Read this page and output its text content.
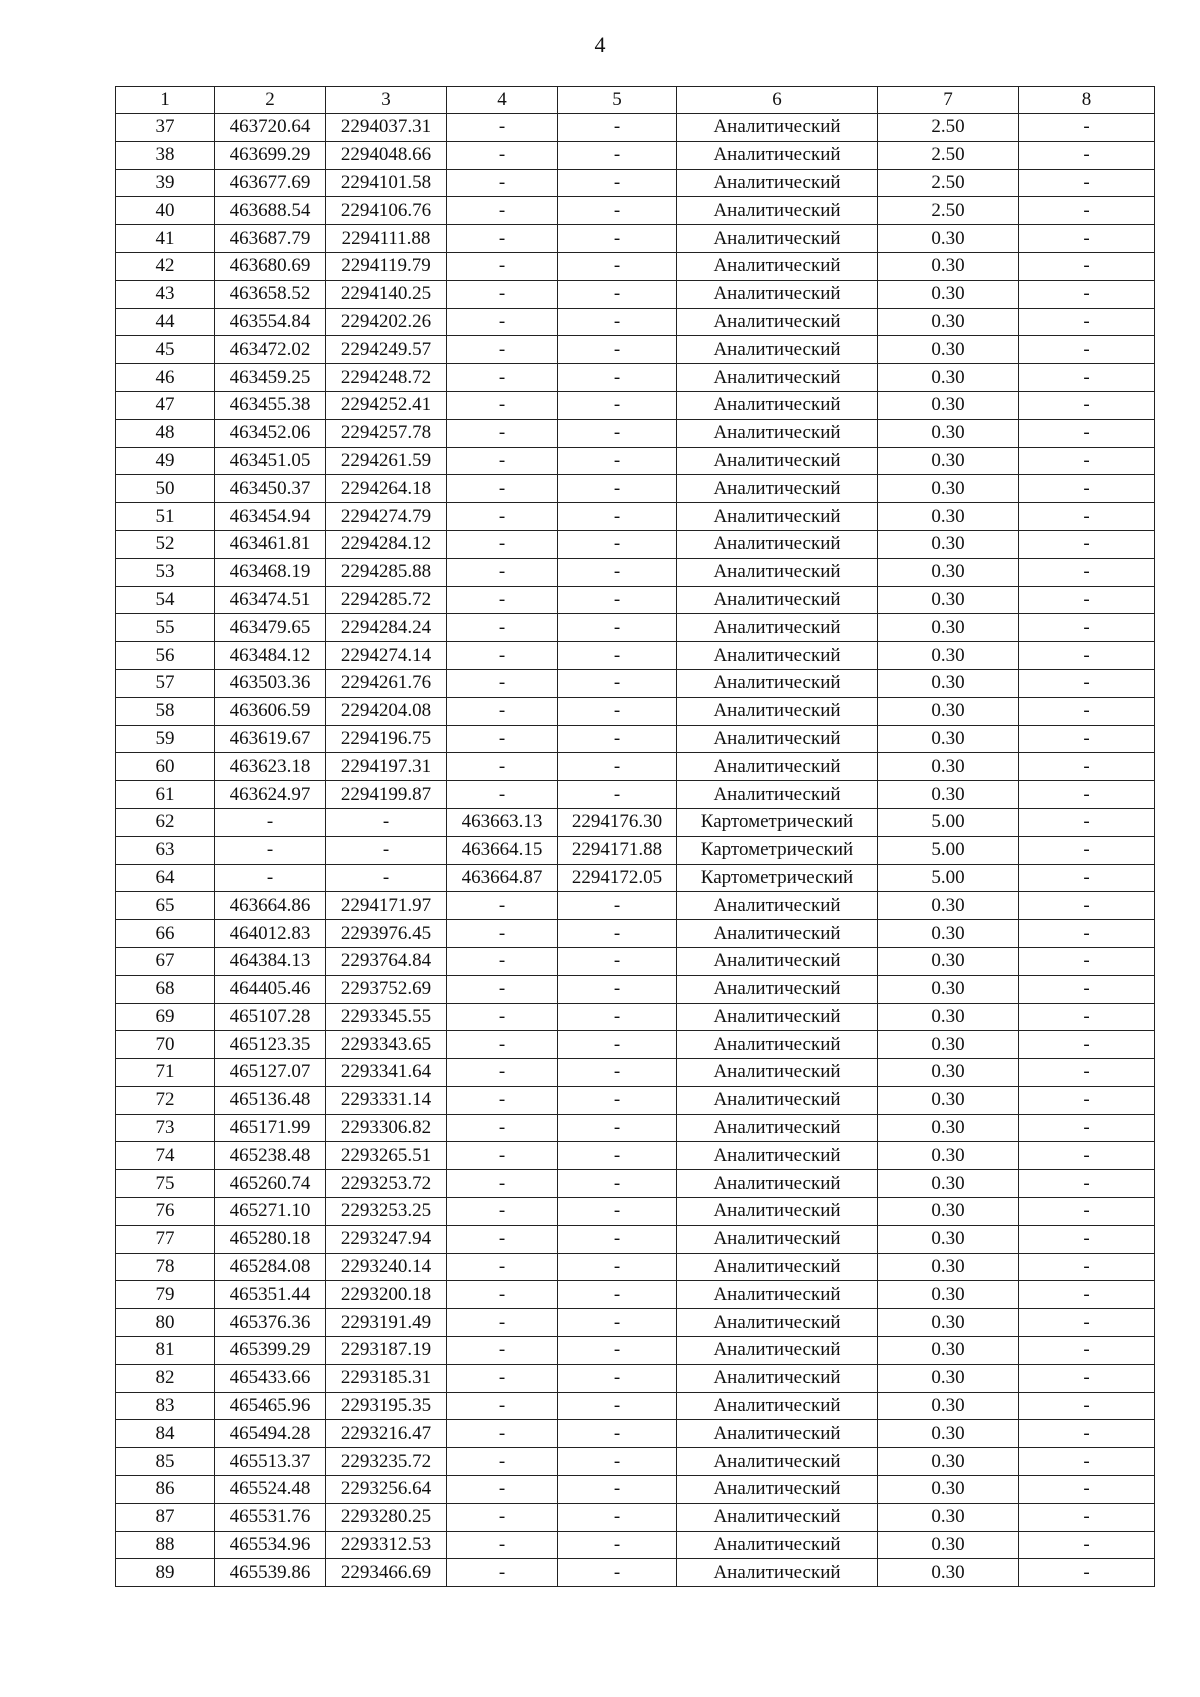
4
1	2	3	4	5	6	7	8
37	463720.64	2294037.31	-	-	Аналитический	2.50	-
38	463699.29	2294048.66	-	-	Аналитический	2.50	-
39	463677.69	2294101.58	-	-	Аналитический	2.50	-
40	463688.54	2294106.76	-	-	Аналитический	2.50	-
41	463687.79	2294111.88	-	-	Аналитический	0.30	-
42	463680.69	2294119.79	-	-	Аналитический	0.30	-
43	463658.52	2294140.25	-	-	Аналитический	0.30	-
44	463554.84	2294202.26	-	-	Аналитический	0.30	-
45	463472.02	2294249.57	-	-	Аналитический	0.30	-
46	463459.25	2294248.72	-	-	Аналитический	0.30	-
47	463455.38	2294252.41	-	-	Аналитический	0.30	-
48	463452.06	2294257.78	-	-	Аналитический	0.30	-
49	463451.05	2294261.59	-	-	Аналитический	0.30	-
50	463450.37	2294264.18	-	-	Аналитический	0.30	-
51	463454.94	2294274.79	-	-	Аналитический	0.30	-
52	463461.81	2294284.12	-	-	Аналитический	0.30	-
53	463468.19	2294285.88	-	-	Аналитический	0.30	-
54	463474.51	2294285.72	-	-	Аналитический	0.30	-
55	463479.65	2294284.24	-	-	Аналитический	0.30	-
56	463484.12	2294274.14	-	-	Аналитический	0.30	-
57	463503.36	2294261.76	-	-	Аналитический	0.30	-
58	463606.59	2294204.08	-	-	Аналитический	0.30	-
59	463619.67	2294196.75	-	-	Аналитический	0.30	-
60	463623.18	2294197.31	-	-	Аналитический	0.30	-
61	463624.97	2294199.87	-	-	Аналитический	0.30	-
62	-	-	463663.13	2294176.30	Картометрический	5.00	-
63	-	-	463664.15	2294171.88	Картометрический	5.00	-
64	-	-	463664.87	2294172.05	Картометрический	5.00	-
65	463664.86	2294171.97	-	-	Аналитический	0.30	-
66	464012.83	2293976.45	-	-	Аналитический	0.30	-
67	464384.13	2293764.84	-	-	Аналитический	0.30	-
68	464405.46	2293752.69	-	-	Аналитический	0.30	-
69	465107.28	2293345.55	-	-	Аналитический	0.30	-
70	465123.35	2293343.65	-	-	Аналитический	0.30	-
71	465127.07	2293341.64	-	-	Аналитический	0.30	-
72	465136.48	2293331.14	-	-	Аналитический	0.30	-
73	465171.99	2293306.82	-	-	Аналитический	0.30	-
74	465238.48	2293265.51	-	-	Аналитический	0.30	-
75	465260.74	2293253.72	-	-	Аналитический	0.30	-
76	465271.10	2293253.25	-	-	Аналитический	0.30	-
77	465280.18	2293247.94	-	-	Аналитический	0.30	-
78	465284.08	2293240.14	-	-	Аналитический	0.30	-
79	465351.44	2293200.18	-	-	Аналитический	0.30	-
80	465376.36	2293191.49	-	-	Аналитический	0.30	-
81	465399.29	2293187.19	-	-	Аналитический	0.30	-
82	465433.66	2293185.31	-	-	Аналитический	0.30	-
83	465465.96	2293195.35	-	-	Аналитический	0.30	-
84	465494.28	2293216.47	-	-	Аналитический	0.30	-
85	465513.37	2293235.72	-	-	Аналитический	0.30	-
86	465524.48	2293256.64	-	-	Аналитический	0.30	-
87	465531.76	2293280.25	-	-	Аналитический	0.30	-
88	465534.96	2293312.53	-	-	Аналитический	0.30	-
89	465539.86	2293466.69	-	-	Аналитический	0.30	-
